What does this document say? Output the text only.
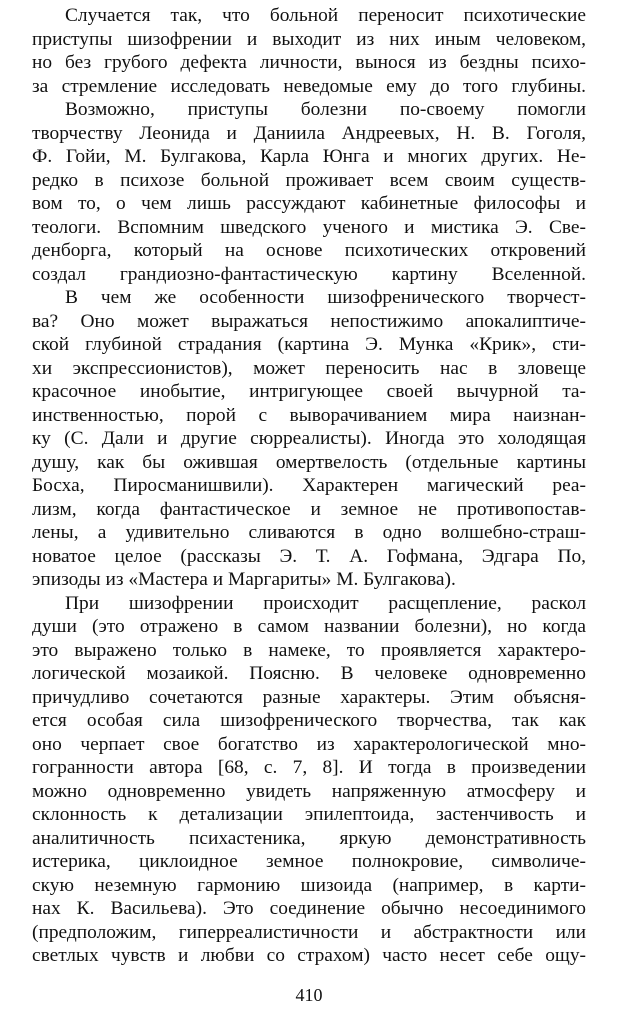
Случается так, что больной переносит психотические
приступы шизофрении и выходит из них иным человеком,
но без грубого дефекта личности, вынося из бездны психо-
за стремление исследовать неведомые ему до того глубины.
Возможно, приступы болезни по-своему помогли
творчеству Леонида и Даниила Андреевых, Н. В. Гоголя,
Ф. Гойи, М. Булгакова, Карла Юнга и многих других. Не-
редко в психозе больной проживает всем своим существ-
вом то, о чем лишь рассуждают кабинетные философы и
теологи. Вспомним шведского ученого и мистика Э. Све-
денборга, который на основе психотических откровений
создал грандиозно-фантастическую картину Вселенной.
В чем же особенности шизофренического творчест-
ва? Оно может выражаться непостижимо апокалиптиче-
ской глубиной страдания (картина Э. Мунка «Крик», сти-
хи экспрессионистов), может переносить нас в зловеще
красочное инобытие, интригующее своей вычурной та-
инственностью, порой с выворачиванием мира наизнан-
ку (С. Дали и другие сюрреалисты). Иногда это холодящая
душу, как бы ожившая омертвелость (отдельные картины
Босха, Пиросманишвили). Характерен магический реа-
лизм, когда фантастическое и земное не противопостав-
лены, а удивительно сливаются в одно волшебно-страш-
новатое целое (рассказы Э. Т. А. Гофмана, Эдгара По,
эпизоды из «Мастера и Маргариты» М. Булгакова).
При шизофрении происходит расщепление, раскол
души (это отражено в самом названии болезни), но когда
это выражено только в намеке, то проявляется характеро-
логической мозаикой. Поясню. В человеке одновременно
причудливо сочетаются разные характеры. Этим объясня-
ется особая сила шизофренического творчества, так как
оно черпает свое богатство из характерологической мно-
гогранности автора [68, с. 7, 8]. И тогда в произведении
можно одновременно увидеть напряженную атмосферу и
склонность к детализации эпилептоида, застенчивость и
аналитичность психастеника, яркую демонстративность
истерика, циклоидное земное полнокровие, символиче-
скую неземную гармонию шизоида (например, в карти-
нах К. Васильева). Это соединение обычно несоединимого
(предположим, гиперреалистичности и абстрактности или
светлых чувств и любви со страхом) часто несет себе ощу-
410
